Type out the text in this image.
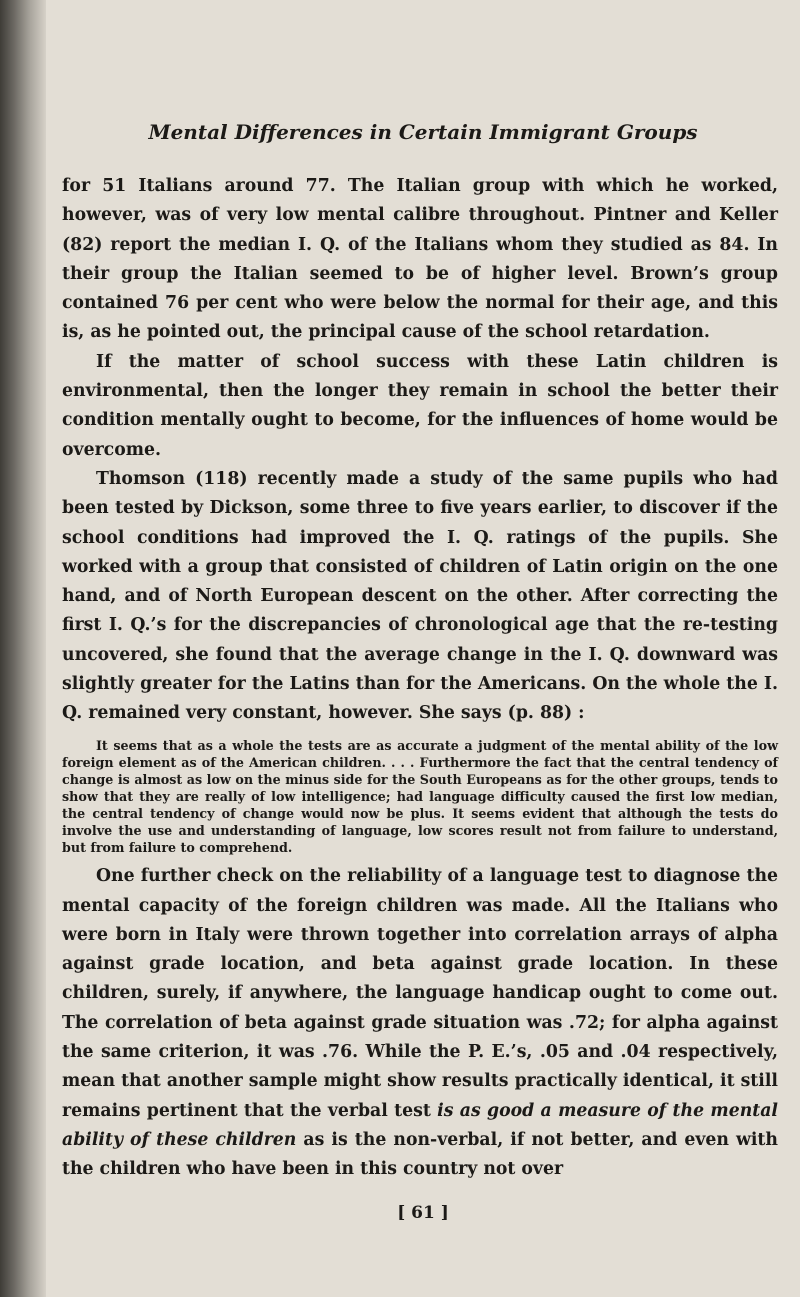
Mental Differences in Certain Immigrant Groups

for 51 Italians around 77. The Italian group with which he worked, however, was of very low mental calibre throughout. Pintner and Keller (82) report the median I. Q. of the Italians whom they studied as 84. In their group the Italian seemed to be of higher level. Brown’s group contained 76 per cent who were below the normal for their age, and this is, as he pointed out, the principal cause of the school retardation.

If the matter of school success with these Latin children is environmental, then the longer they remain in school the better their condition mentally ought to become, for the influences of home would be overcome.

Thomson (118) recently made a study of the same pupils who had been tested by Dickson, some three to five years earlier, to discover if the school conditions had improved the I. Q. ratings of the pupils. She worked with a group that consisted of children of Latin origin on the one hand, and of North European descent on the other. After correcting the first I. Q.’s for the discrepancies of chronological age that the re-testing uncovered, she found that the average change in the I. Q. downward was slightly greater for the Latins than for the Americans. On the whole the I. Q. remained very constant, however. She says (p. 88) :

It seems that as a whole the tests are as accurate a judgment of the mental ability of the low foreign element as of the American children. . . . Furthermore the fact that the central tendency of change is almost as low on the minus side for the South Europeans as for the other groups, tends to show that they are really of low intelligence; had language difficulty caused the first low median, the central tendency of change would now be plus. It seems evident that although the tests do involve the use and understanding of language, low scores result not from failure to understand, but from failure to comprehend.

One further check on the reliability of a language test to diagnose the mental capacity of the foreign children was made. All the Italians who were born in Italy were thrown together into correlation arrays of alpha against grade location, and beta against grade location. In these children, surely, if anywhere, the language handicap ought to come out. The correlation of beta against grade situation was .72; for alpha against the same criterion, it was .76. While the P. E.’s, .05 and .04 respectively, mean that another sample might show results practically identical, it still remains pertinent that the verbal test is as good a measure of the mental ability of these children as is the non-verbal, if not better, and even with the children who have been in this country not over

[ 61 ]
